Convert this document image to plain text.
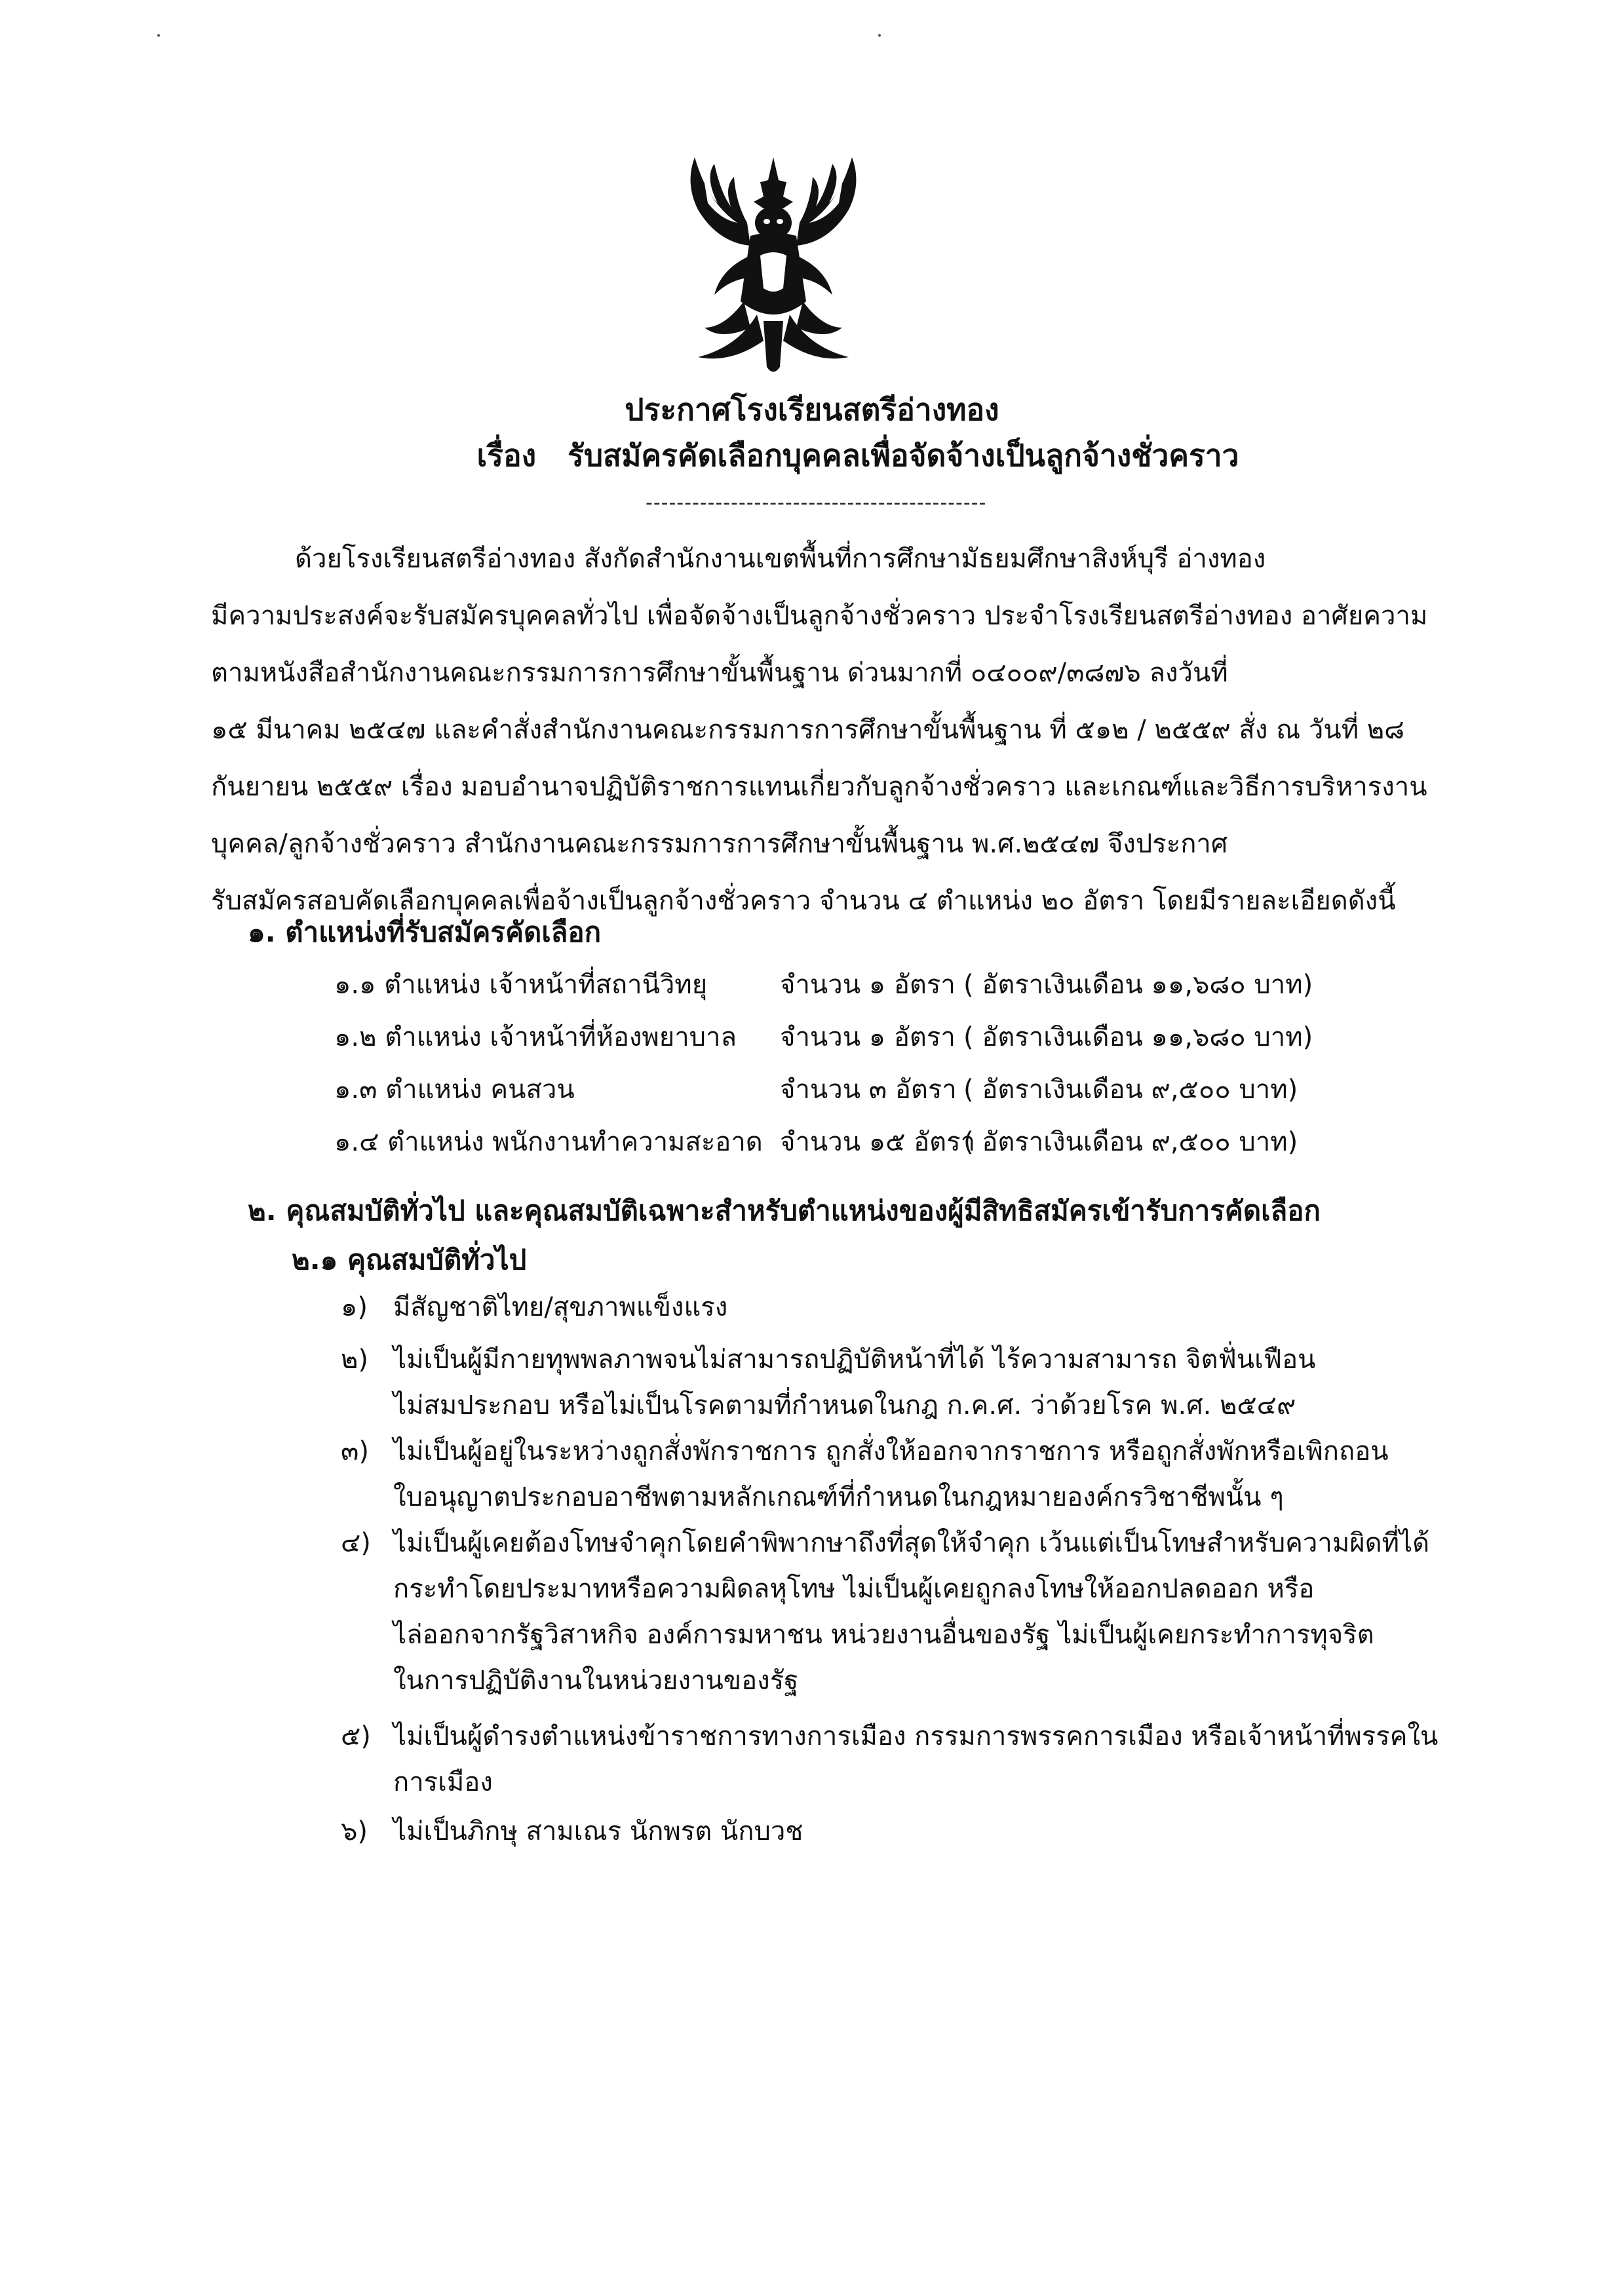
ประกาศโรงเรียนสตรีอ่างทอง
เรื่อง รับสมัครคัดเลือกบุคคลเพื่อจัดจ้างเป็นลูกจ้างชั่วคราว
--------------------------------------------
ด้วยโรงเรียนสตรีอ่างทอง สังกัดสำนักงานเขตพื้นที่การศึกษามัธยมศึกษาสิงห์บุรี อ่างทอง
มีความประสงค์จะรับสมัครบุคคลทั่วไป เพื่อจัดจ้างเป็นลูกจ้างชั่วคราว ประจำโรงเรียนสตรีอ่างทอง อาศัยความ
ตามหนังสือสำนักงานคณะกรรมการการศึกษาขั้นพื้นฐาน ด่วนมากที่ ๐๔๐๐๙/๓๘๗๖ ลงวันที่
๑๕ มีนาคม ๒๕๔๗ และคำสั่งสำนักงานคณะกรรมการการศึกษาขั้นพื้นฐาน ที่ ๕๑๒ / ๒๕๕๙ สั่ง ณ วันที่ ๒๘
กันยายน ๒๕๕๙ เรื่อง มอบอำนาจปฏิบัติราชการแทนเกี่ยวกับลูกจ้างชั่วคราว และเกณฑ์และวิธีการบริหารงาน
บุคคล/ลูกจ้างชั่วคราว สำนักงานคณะกรรมการการศึกษาขั้นพื้นฐาน พ.ศ.๒๕๔๗ จึงประกาศ
รับสมัครสอบคัดเลือกบุคคลเพื่อจ้างเป็นลูกจ้างชั่วคราว จำนวน ๔ ตำแหน่ง ๒๐ อัตรา โดยมีรายละเอียดดังนี้
๑. ตำแหน่งที่รับสมัครคัดเลือก
๑.๑ ตำแหน่ง เจ้าหน้าที่สถานีวิทยุ	จำนวน ๑ อัตรา ( อัตราเงินเดือน ๑๑,๖๘๐ บาท)
๑.๒ ตำแหน่ง เจ้าหน้าที่ห้องพยาบาล จำนวน ๑ อัตรา ( อัตราเงินเดือน ๑๑,๖๘๐ บาท)
๑.๓ ตำแหน่ง คนสวน	จำนวน ๓ อัตรา ( อัตราเงินเดือน ๙,๕๐๐ บาท)
๑.๔ ตำแหน่ง พนักงานทำความสะอาด จำนวน ๑๕ อัตรา
( อัตราเงินเดือน ๙,๕๐๐ บาท)
๒. คุณสมบัติทั่วไป และคุณสมบัติเฉพาะสำหรับตำแหน่งของผู้มีสิทธิสมัครเข้ารับการคัดเลือก
๒.๑ คุณสมบัติทั่วไป
๑) มีสัญชาติไทย/สุขภาพแข็งแรง
๒) ไม่เป็นผู้มีกายทุพพลภาพจนไม่สามารถปฏิบัติหน้าที่ได้ ไร้ความสามารถ จิตฟั่นเฟือน
ไม่สมประกอบ หรือไม่เป็นโรคตามที่กำหนดในกฎ ก.ค.ศ. ว่าด้วยโรค พ.ศ. ๒๕๔๙
๓) ไม่เป็นผู้อยู่ในระหว่างถูกสั่งพักราชการ ถูกสั่งให้ออกจากราชการ หรือถูกสั่งพักหรือเพิกถอน
ใบอนุญาตประกอบอาชีพตามหลักเกณฑ์ที่กำหนดในกฎหมายองค์กรวิชาชีพนั้น ๆ
๔) ไม่เป็นผู้เคยต้องโทษจำคุกโดยคำพิพากษาถึงที่สุดให้จำคุก เว้นแต่เป็นโทษสำหรับความผิดที่ได้
กระทำโดยประมาทหรือความผิดลหุโทษ ไม่เป็นผู้เคยถูกลงโทษให้ออกปลดออก หรือ
ไล่ออกจากรัฐวิสาหกิจ องค์การมหาชน หน่วยงานอื่นของรัฐ ไม่เป็นผู้เคยกระทำการทุจริต
ในการปฏิบัติงานในหน่วยงานของรัฐ
๕) ไม่เป็นผู้ดำรงตำแหน่งข้าราชการทางการเมือง กรรมการพรรคการเมือง หรือเจ้าหน้าที่พรรคใน
การเมือง
๖) ไม่เป็นภิกษุ สามเณร นักพรต นักบวช
